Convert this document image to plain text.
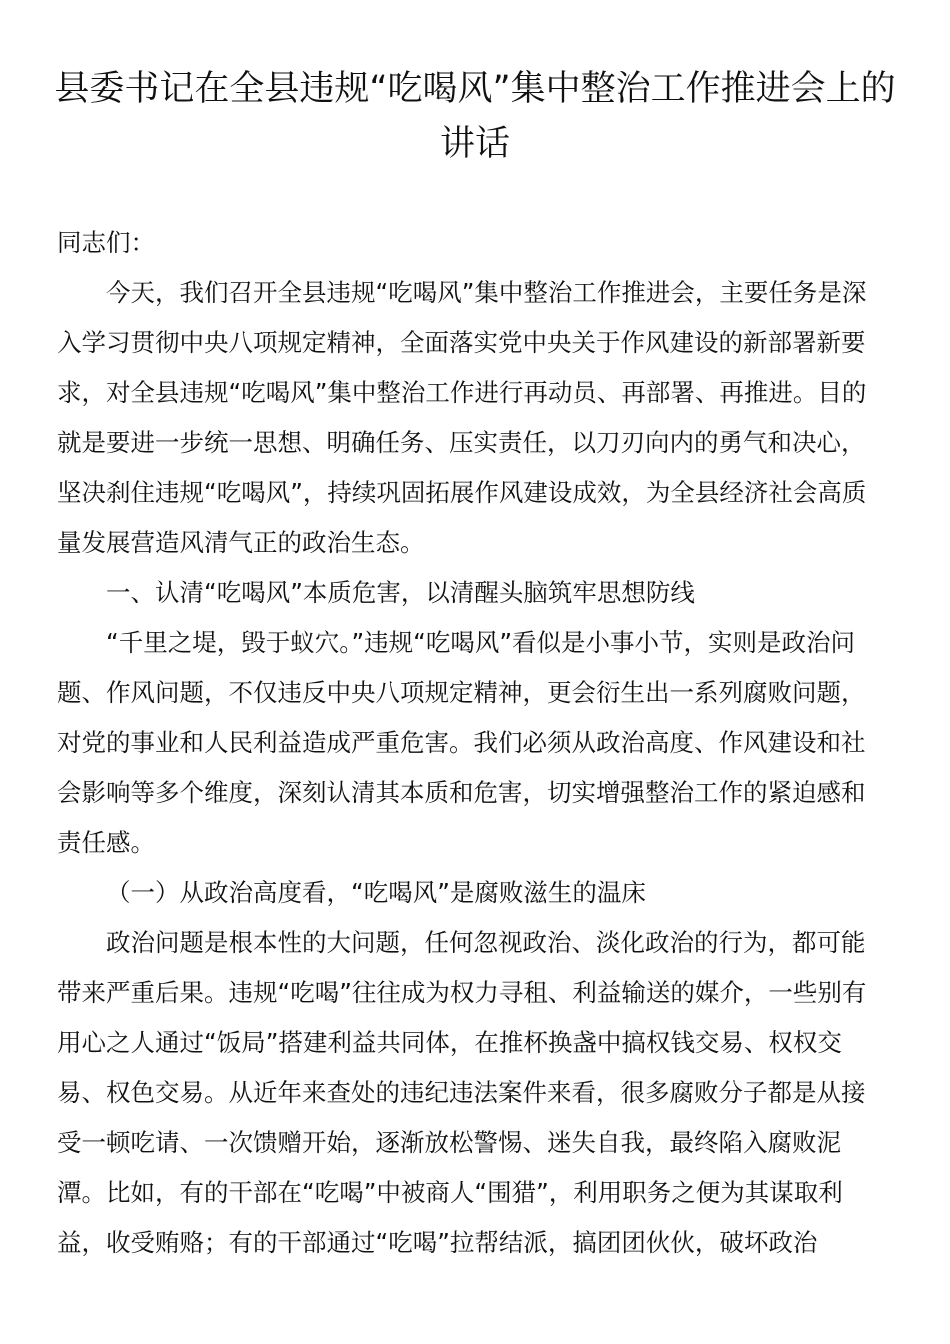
县委书记在全县违规“吃喝风”集中整治工作推进会上的讲话

同志们：

今天，我们召开全县违规“吃喝风”集中整治工作推进会，主要任务是深入学习贯彻中央八项规定精神，全面落实党中央关于作风建设的新部署新要求，对全县违规“吃喝风”集中整治工作进行再动员、再部署、再推进。目的就是要进一步统一思想、明确任务、压实责任，以刀刃向内的勇气和决心，坚决刹住违规“吃喝风”，持续巩固拓展作风建设成效，为全县经济社会高质量发展营造风清气正的政治生态。

一、认清“吃喝风”本质危害，以清醒头脑筑牢思想防线

“千里之堤，毁于蚁穴。”违规“吃喝风”看似是小事小节，实则是政治问题、作风问题，不仅违反中央八项规定精神，更会衍生出一系列腐败问题，对党的事业和人民利益造成严重危害。我们必须从政治高度、作风建设和社会影响等多个维度，深刻认清其本质和危害，切实增强整治工作的紧迫感和责任感。

（一）从政治高度看，“吃喝风”是腐败滋生的温床

政治问题是根本性的大问题，任何忽视政治、淡化政治的行为，都可能带来严重后果。违规“吃喝”往往成为权力寻租、利益输送的媒介，一些别有用心之人通过“饭局”搭建利益共同体，在推杯换盏中搞权钱交易、权权交易、权色交易。从近年来查处的违纪违法案件来看，很多腐败分子都是从接受一顿吃请、一次馈赠开始，逐渐放松警惕、迷失自我，最终陷入腐败泥潭。比如，有的干部在“吃喝”中被商人“围猎”，利用职务之便为其谋取利益，收受贿赂；有的干部通过“吃喝”拉帮结派，搞团团伙伙，破坏政治
